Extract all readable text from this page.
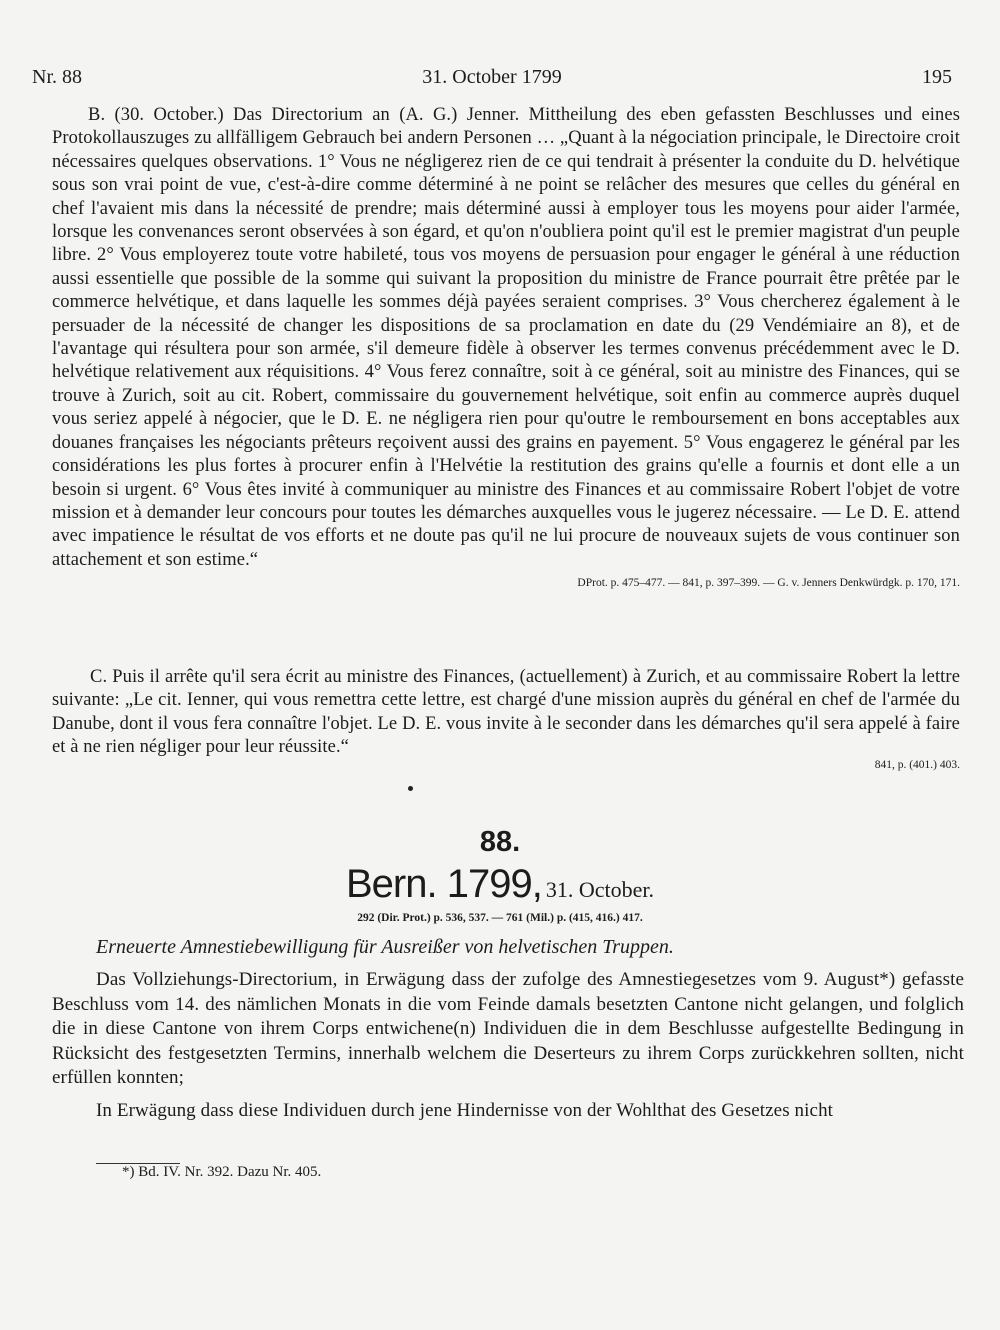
Nr. 88	31. October 1799	195

B. (30. October.) Das Directorium an (A. G.) Jenner. Mittheilung des eben gefassten Beschlusses und eines Protokollauszuges zu allfälligem Gebrauch bei andern Personen … „Quant à la négociation principale, le Directoire croit nécessaires quelques observations. 1° Vous ne négligerez rien de ce qui tendrait à présenter la conduite du D. helvétique sous son vrai point de vue, c'est-à-dire comme déterminé à ne point se relâcher des mesures que celles du général en chef l'avaient mis dans la nécessité de prendre; mais déterminé aussi à employer tous les moyens pour aider l'armée, lorsque les convenances seront observées à son égard, et qu'on n'oubliera point qu'il est le premier magistrat d'un peuple libre. 2° Vous employerez toute votre habileté, tous vos moyens de persuasion pour engager le général à une réduction aussi essentielle que possible de la somme qui suivant la proposition du ministre de France pourrait être prêtée par le commerce helvétique, et dans laquelle les sommes déjà payées seraient comprises. 3° Vous chercherez également à le persuader de la nécessité de changer les dispositions de sa proclamation en date du (29 Vendémiaire an 8), et de l'avantage qui résultera pour son armée, s'il demeure fidèle à observer les termes convenus précédemment avec le D. helvétique relativement aux réquisitions. 4° Vous ferez connaître, soit à ce général, soit au ministre des Finances, qui se trouve à Zurich, soit au cit. Robert, commissaire du gouvernement helvétique, soit enfin au commerce auprès duquel vous seriez appelé à négocier, que le D. E. ne négligera rien pour qu'outre le remboursement en bons acceptables aux douanes françaises les négociants prêteurs reçoivent aussi des grains en payement. 5° Vous engagerez le général par les considérations les plus fortes à procurer enfin à l'Helvétie la restitution des grains qu'elle a fournis et dont elle a un besoin si urgent. 6° Vous êtes invité à communiquer au ministre des Finances et au commissaire Robert l'objet de votre mission et à demander leur concours pour toutes les démarches auxquelles vous le jugerez nécessaire. — Le D. E. attend avec impatience le résultat de vos efforts et ne doute pas qu'il ne lui procure de nouveaux sujets de vous continuer son attachement et son estime.“

DProt. p. 475–477. — 841, p. 397–399. — G. v. Jenners Denkwürdgk. p. 170, 171.

C. Puis il arrête qu'il sera écrit au ministre des Finances, (actuellement) à Zurich, et au commissaire Robert la lettre suivante: „Le cit. Ienner, qui vous remettra cette lettre, est chargé d'une mission auprès du général en chef de l'armée du Danube, dont il vous fera connaître l'objet. Le D. E. vous invite à le seconder dans les démarches qu'il sera appelé à faire et à ne rien négliger pour leur réussite.“

841, p. (401.) 403.
88.
Bern. 1799, 31. October.
292 (Dir. Prot.) p. 536, 537. — 761 (Mil.) p. (415, 416.) 417.
Erneuerte Amnestiebewilligung für Ausreißer von helvetischen Truppen.

Das Vollziehungs-Directorium, in Erwägung dass der zufolge des Amnestiegesetzes vom 9. August*) gefasste Beschluss vom 14. des nämlichen Monats in die vom Feinde damals besetzten Cantone nicht gelangen, und folglich die in diese Cantone von ihrem Corps entwichene(n) Individuen die in dem Beschlusse aufgestellte Bedingung in Rücksicht des festgesetzten Termins, innerhalb welchem die Deserteurs zu ihrem Corps zurückkehren sollten, nicht erfüllen konnten;

In Erwägung dass diese Individuen durch jene Hindernisse von der Wohlthat des Gesetzes nicht

*) Bd. IV. Nr. 392. Dazu Nr. 405.
